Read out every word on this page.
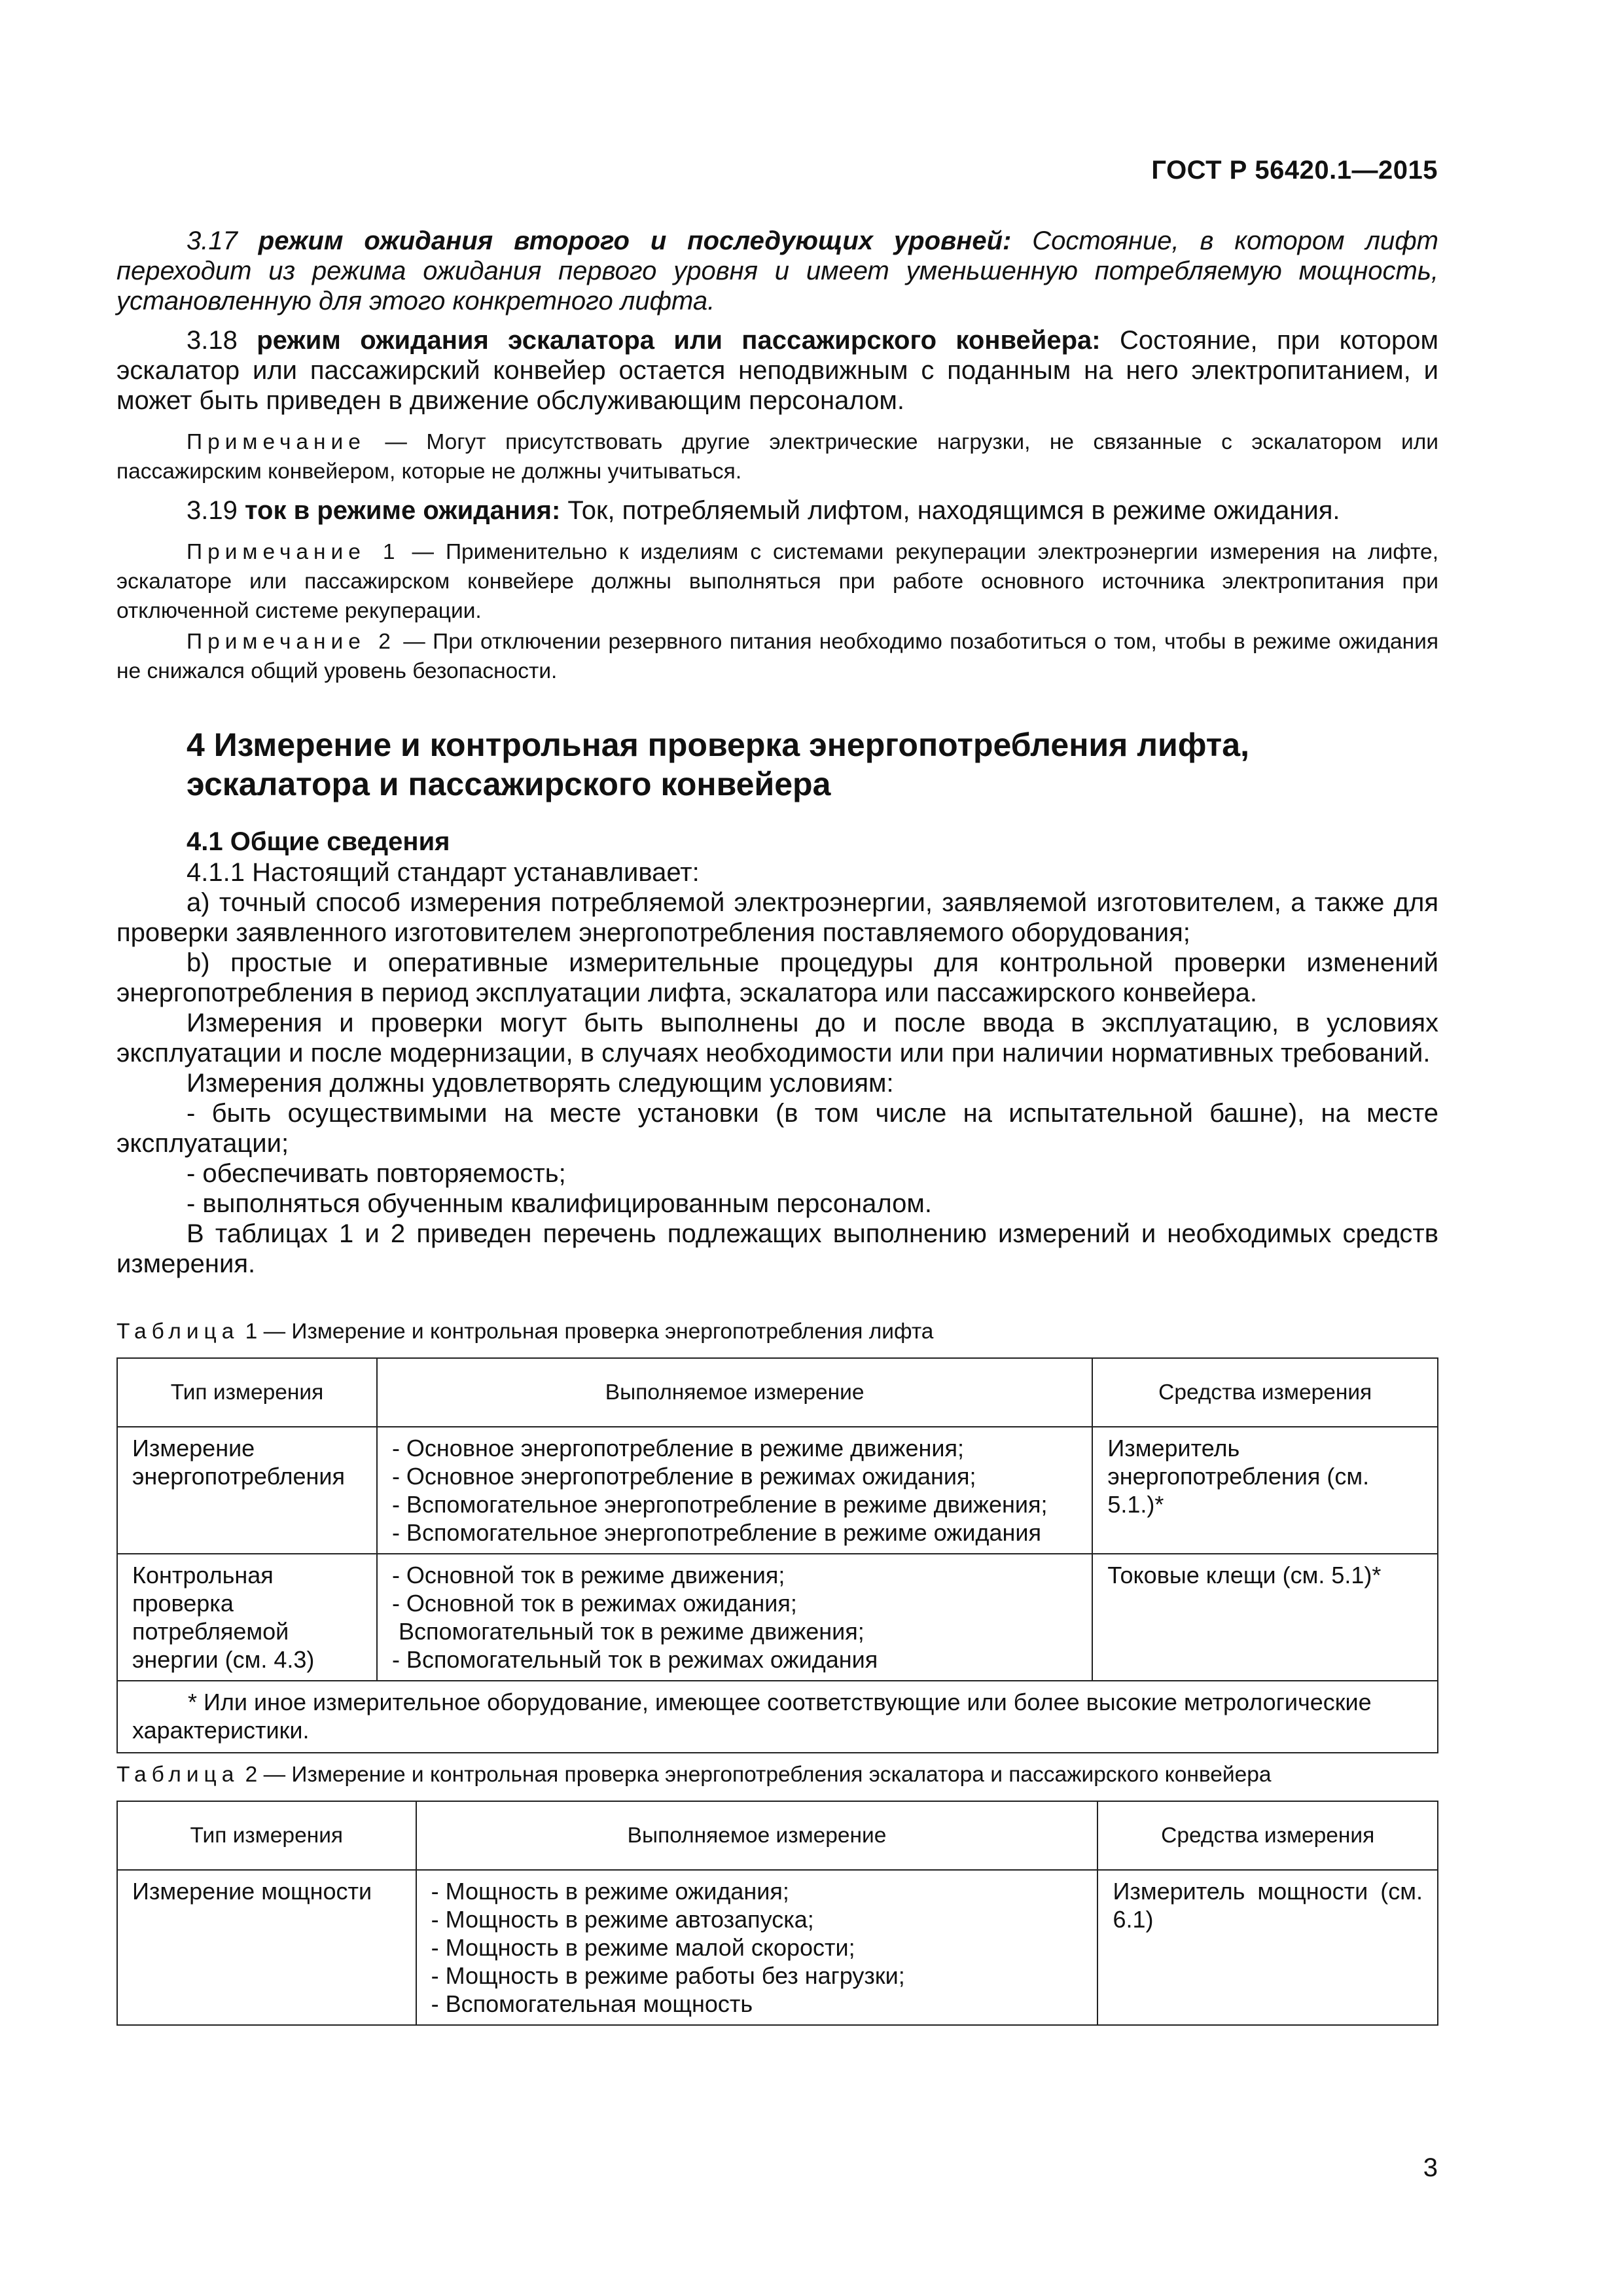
ГОСТ Р 56420.1—2015

3.17 режим ожидания второго и последующих уровней: Состояние, в котором лифт переходит из режима ожидания первого уровня и имеет уменьшенную потребляемую мощность, установленную для этого конкретного лифта.

3.18 режим ожидания эскалатора или пассажирского конвейера: Состояние, при котором эскалатор или пассажирский конвейер остается неподвижным с поданным на него электропитанием, и может быть приведен в движение обслуживающим персоналом.

Примечание — Могут присутствовать другие электрические нагрузки, не связанные с эскалатором или пассажирским конвейером, которые не должны учитываться.

3.19 ток в режиме ожидания: Ток, потребляемый лифтом, находящимся в режиме ожидания.

Примечание 1 — Применительно к изделиям с системами рекуперации электроэнергии измерения на лифте, эскалаторе или пассажирском конвейере должны выполняться при работе основного источника электропитания при отключенной системе рекуперации.

Примечание 2 — При отключении резервного питания необходимо позаботиться о том, чтобы в режиме ожидания не снижался общий уровень безопасности.

4 Измерение и контрольная проверка энергопотребления лифта, эскалатора и пассажирского конвейера
4.1 Общие сведения

4.1.1 Настоящий стандарт устанавливает:

а) точный способ измерения потребляемой электроэнергии, заявляемой изготовителем, а также для проверки заявленного изготовителем энергопотребления поставляемого оборудования;

b) простые и оперативные измерительные процедуры для контрольной проверки изменений энергопотребления в период эксплуатации лифта, эскалатора или пассажирского конвейера.

Измерения и проверки могут быть выполнены до и после ввода в эксплуатацию, в условиях эксплуатации и после модернизации, в случаях необходимости или при наличии нормативных требований.

Измерения должны удовлетворять следующим условиям:

- быть осуществимыми на месте установки (в том числе на испытательной башне), на месте эксплуатации;

- обеспечивать повторяемость;

- выполняться обученным квалифицированным персоналом.

В таблицах 1 и 2 приведен перечень подлежащих выполнению измерений и необходимых средств измерения.

Таблица 1 — Измерение и контрольная проверка энергопотребления лифта

Тип измерения	Выполняемое измерение	Средства измерения
Измерение энергопотребления	- Основное энергопотребление в режиме движения;
- Основное энергопотребление в режимах ожидания;
- Вспомогательное энергопотребление в режиме движения;
- Вспомогательное энергопотребление в режиме ожидания	Измеритель энергопотребления (см. 5.1.)*
Контрольная проверка потребляемой энергии (см. 4.3)	- Основной ток в режиме движения;
- Основной ток в режимах ожидания;
Вспомогательный ток в режиме движения;
- Вспомогательный ток в режимах ожидания	Токовые клещи (см. 5.1)*
* Или иное измерительное оборудование, имеющее соответствующие или более высокие метрологические характеристики.		

Таблица 2 — Измерение и контрольная проверка энергопотребления эскалатора и пассажирского конвейера

Тип измерения	Выполняемое измерение	Средства измерения
Измерение мощности	- Мощность в режиме ожидания;
- Мощность в режиме автозапуска;
- Мощность в режиме малой скорости;
- Мощность в режиме работы без нагрузки;
- Вспомогательная мощность	Измеритель мощности (см. 6.1)
3
